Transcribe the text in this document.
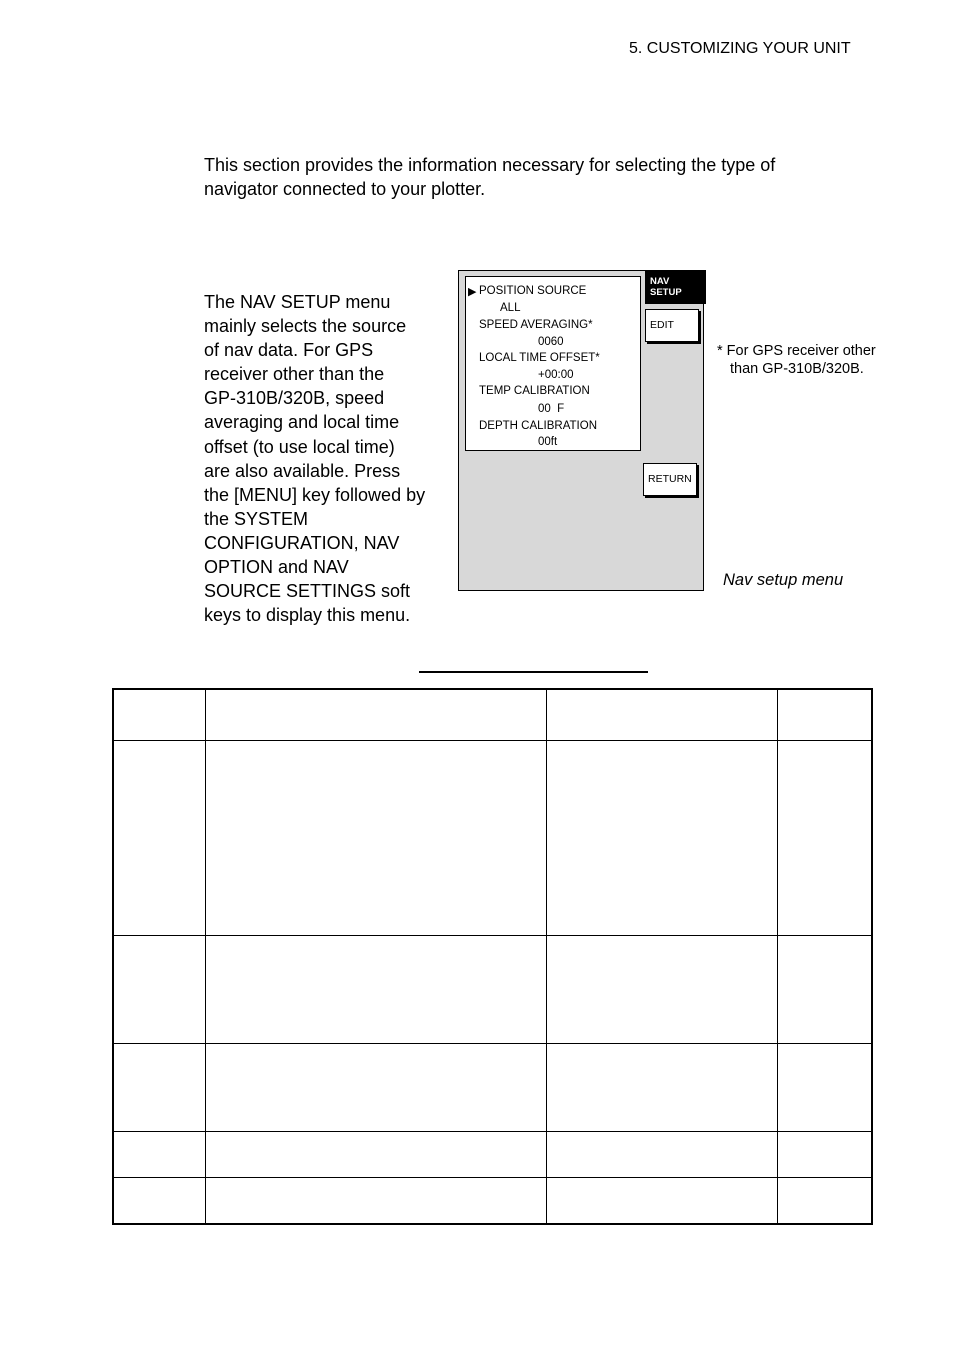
5. CUSTOMIZING YOUR UNIT
This section provides the information necessary for selecting the type of
navigator connected to your plotter.
The NAV SETUP menu
mainly selects the source
of nav data. For GPS
receiver other than the
GP-310B/320B, speed
averaging and local time
offset (to use local time)
are also available. Press
the [MENU] key followed by
the SYSTEM
CONFIGURATION, NAV
OPTION and NAV
SOURCE SETTINGS soft
keys to display this menu.
▶ POSITION SOURCE
ALL
SPEED AVERAGING*
0060
LOCAL TIME OFFSET*
+00:00
TEMP CALIBRATION
00  F
DEPTH CALIBRATION
00ft
NAV
SETUP
EDIT
RETURN
* For GPS receiver other
than GP-310B/320B.
Nav setup menu
